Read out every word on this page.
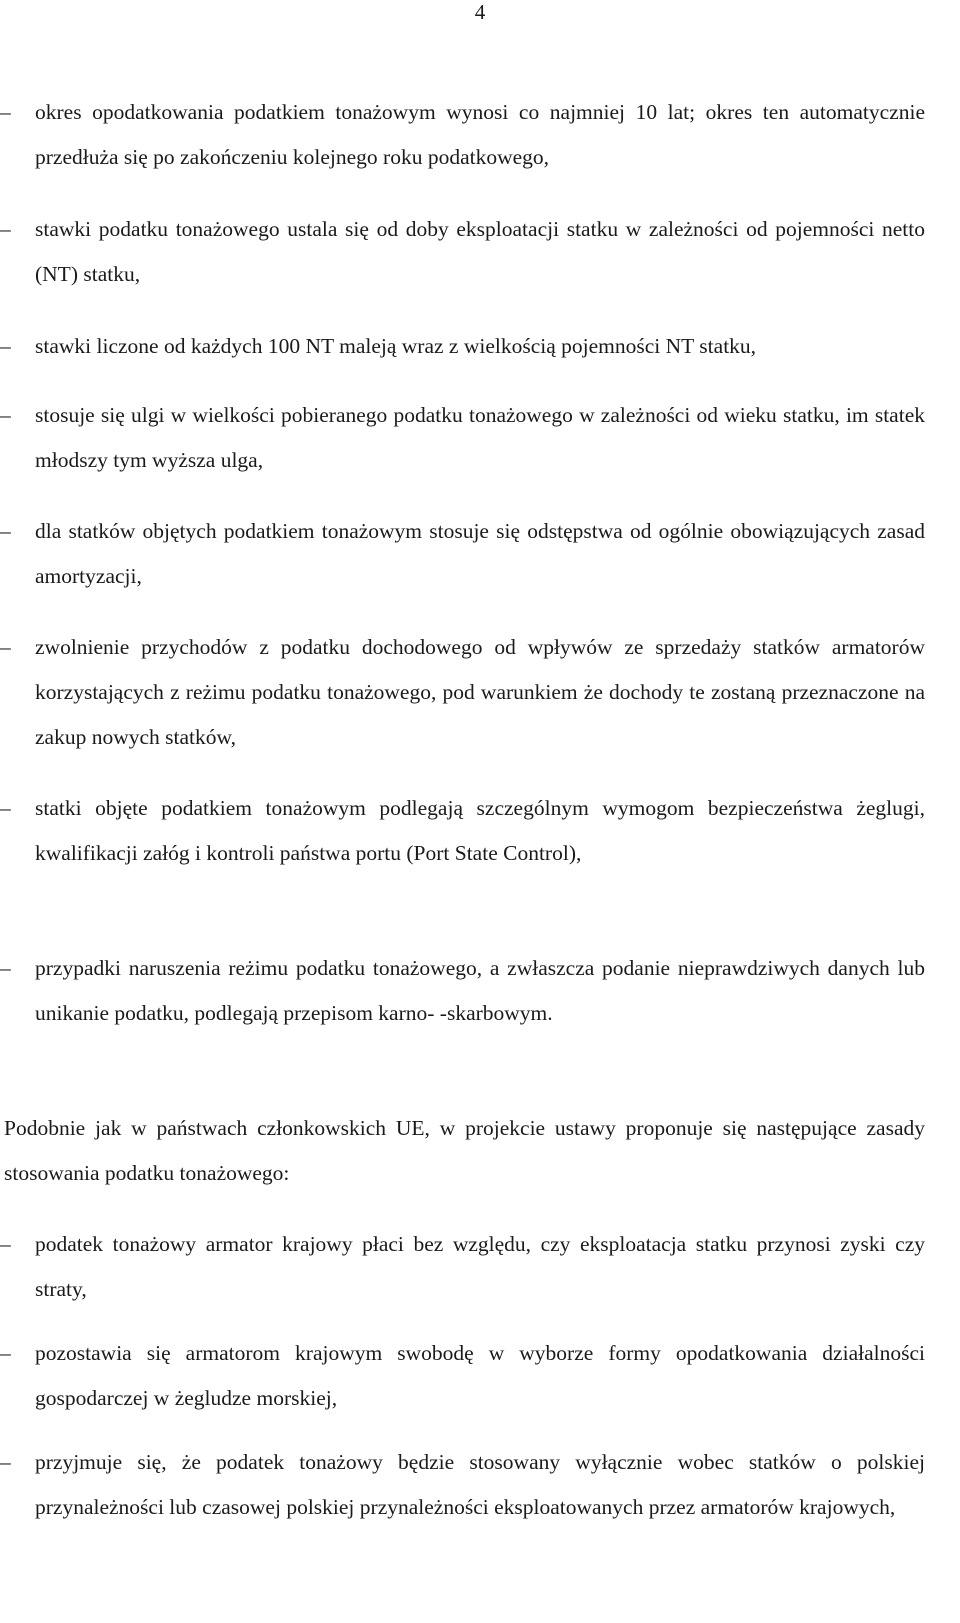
4
–	okres opodatkowania podatkiem tonażowym wynosi co najmniej 10 lat; okres ten automatycznie przedłuża się po zakończeniu kolejnego roku podatkowego,
–	stawki podatku tonażowego ustala się od doby eksploatacji statku w zależności od pojemności netto (NT) statku,
–	stawki liczone od każdych 100 NT maleją wraz z wielkością pojemności NT statku,
–	stosuje się ulgi w wielkości pobieranego podatku tonażowego w zależności od wieku statku, im statek młodszy tym wyższa ulga,
–	dla statków objętych podatkiem tonażowym stosuje się odstępstwa od ogólnie obowiązujących zasad amortyzacji,
–	zwolnienie przychodów z podatku dochodowego od wpływów ze sprzedaży statków armatorów korzystających z reżimu podatku tonażowego, pod warunkiem że dochody te zostaną przeznaczone na zakup nowych statków,
–	statki objęte podatkiem tonażowym podlegają szczególnym wymogom bezpieczeństwa żeglugi, kwalifikacji załóg i kontroli państwa portu (Port State Control),
–	przypadki naruszenia reżimu podatku tonażowego, a zwłaszcza podanie nieprawdziwych danych lub unikanie podatku, podlegają przepisom karno- -skarbowym.
Podobnie jak w państwach członkowskich UE, w projekcie ustawy proponuje się następujące zasady stosowania podatku tonażowego:
–	podatek tonażowy armator krajowy płaci bez względu, czy eksploatacja statku przynosi zyski czy straty,
–	pozostawia się armatorom krajowym swobodę w wyborze formy opodatkowania działalności gospodarczej w żegludze morskiej,
–	przyjmuje się, że podatek tonażowy będzie stosowany wyłącznie wobec statków o polskiej przynależności lub czasowej polskiej przynależności eksploatowanych przez armatorów krajowych,
